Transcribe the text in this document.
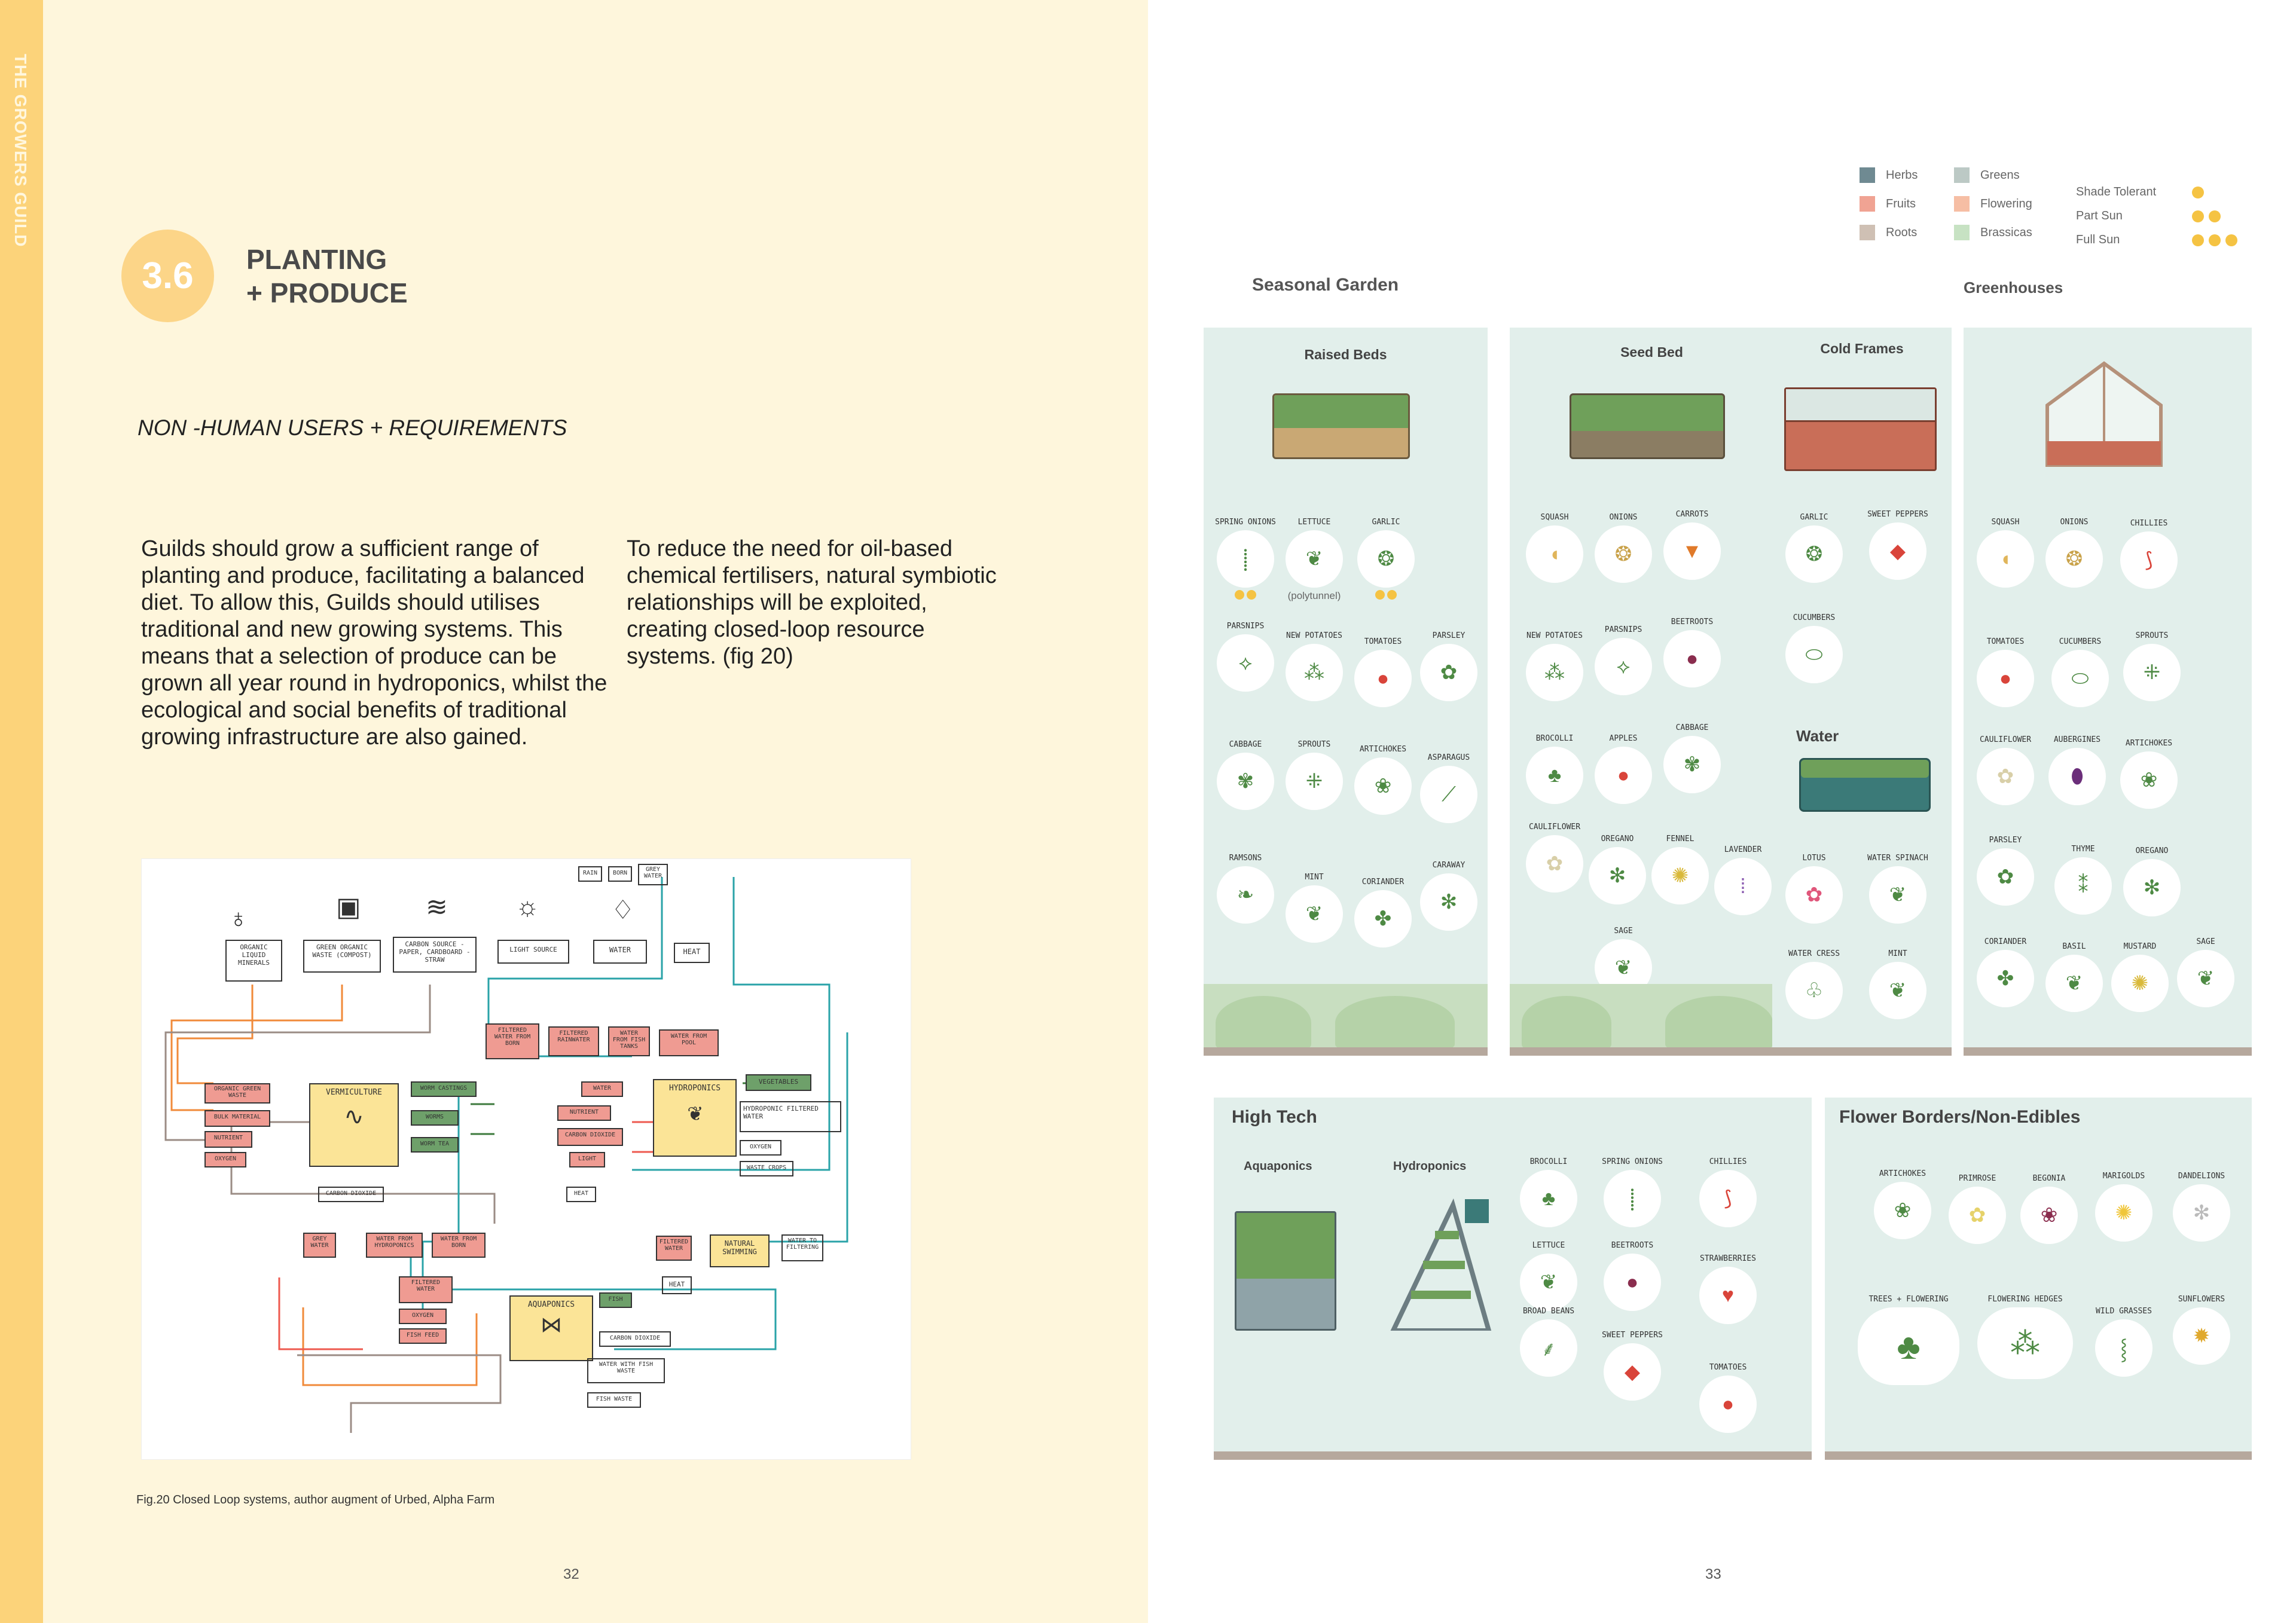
THE GROWERS GUILD
3.6	PLANTING
+ PRODUCE
NON -HUMAN USERS + REQUIREMENTS
Guilds should grow a sufficient range of planting and produce, facilitating a balanced diet. To allow this, Guilds should utilises traditional and new growing systems. This means that a selection of produce can be grown all year round in hydroponics, whilst the ecological and social benefits of traditional growing infrastructure are also gained.
To reduce the need for oil-based chemical fertilisers, natural symbiotic relationships will be exploited, creating closed-loop resource systems. (fig 20)
♁	▣ ≋	☼	♢
ORGANIC LIQUID MINERALS
GREEN ORGANIC WASTE (COMPOST)
CARBON SOURCE -PAPER, CARDBOARD -STRAW
LIGHT SOURCE	WATER	HEAT
RAIN	BORN
GREY WATER
FILTERED WATER FROM BORN
FILTERED RAINWATER
WATER FROM FISH TANKS
WATER FROM POOL
ORGANIC GREEN WASTE
BULK MATERIAL
NUTRIENT
OXYGEN
VERMICULTURE
∿
WORM CASTINGS
WORMS
WORM TEA
WATER
NUTRIENT
CARBON DIOXIDE
LIGHT
HYDROPONICS
❦
VEGETABLES
HYDROPONIC FILTERED WATER
OXYGEN
WASTE CROPS
CARBON DIOXIDE	HEAT
GREY WATER
WATER FROM HYDROPONICS
WATER FROM BORN
FILTERED WATER
NATURAL SWIMMING
WATER TO FILTERING
FILTERED WATER
OXYGEN
FISH FEED
AQUAPONICS
⋈
FISH
CARBON DIOXIDE
WATER WITH FISH WASTE
FISH WASTE
HEAT
Fig.20 Closed Loop systems, author augment of Urbed, Alpha Farm
32
Herbs
Fruits
Roots
Greens
Flowering
Brassicas
Shade Tolerant
Part Sun
Full Sun
Seasonal Garden	Greenhouses
Raised Beds
SPRING ONIONS
⸽
LETTUCE
❦
(polytunnel)
GARLIC
❂
PARSNIPS
⟡
NEW POTATOES
⁂
TOMATOES
●
PARSLEY
✿
CABBAGE
✾
SPROUTS
⁜
ARTICHOKES
❀
ASPARAGUS
⟋
RAMSONS
❧
MINT
❦
CORIANDER
✤
CARAWAY
✻
Seed Bed
SQUASH
◖
ONIONS
❂
CARROTS
▼
NEW POTATOES
⁂
PARSNIPS
⟡
BEETROOTS
●
BROCOLLI
♣
APPLES
●
CABBAGE
✾
CAULIFLOWER
✿
OREGANO
✻
FENNEL
✺
LAVENDER
⁞
SAGE
❦
Cold Frames
GARLIC
❂
SWEET PEPPERS
◆
CUCUMBERS
⬭
Water
LOTUS
✿
WATER SPINACH
❦
WATER CRESS
♧
MINT
❦
SQUASH
◖
ONIONS
❂
CHILLIES
⟆
TOMATOES
●
CUCUMBERS
⬭
SPROUTS
⁜
CAULIFLOWER
✿
AUBERGINES
⬮
ARTICHOKES
❀
PARSLEY
✿
THYME
⁑
OREGANO
✻
CORIANDER
✤
BASIL
❦
MUSTARD
✺
SAGE
❦
High Tech
Aquaponics	Hydroponics	BROCOLLI
♣
SPRING ONIONS
⸽
CHILLIES
⟆
LETTUCE
❦
BEETROOTS
●
STRAWBERRIES
♥
BROAD BEANS
⸙
SWEET PEPPERS
◆	TOMATOES
●
Flower Borders/Non-Edibles
ARTICHOKES
❀
PRIMROSE
✿
BEGONIA
❀
MARIGOLDS
✺
DANDELIONS
✻
TREES + FLOWERING
♣
FLOWERING HEDGES
⁂
WILD GRASSES
⸾
SUNFLOWERS
✹
33
